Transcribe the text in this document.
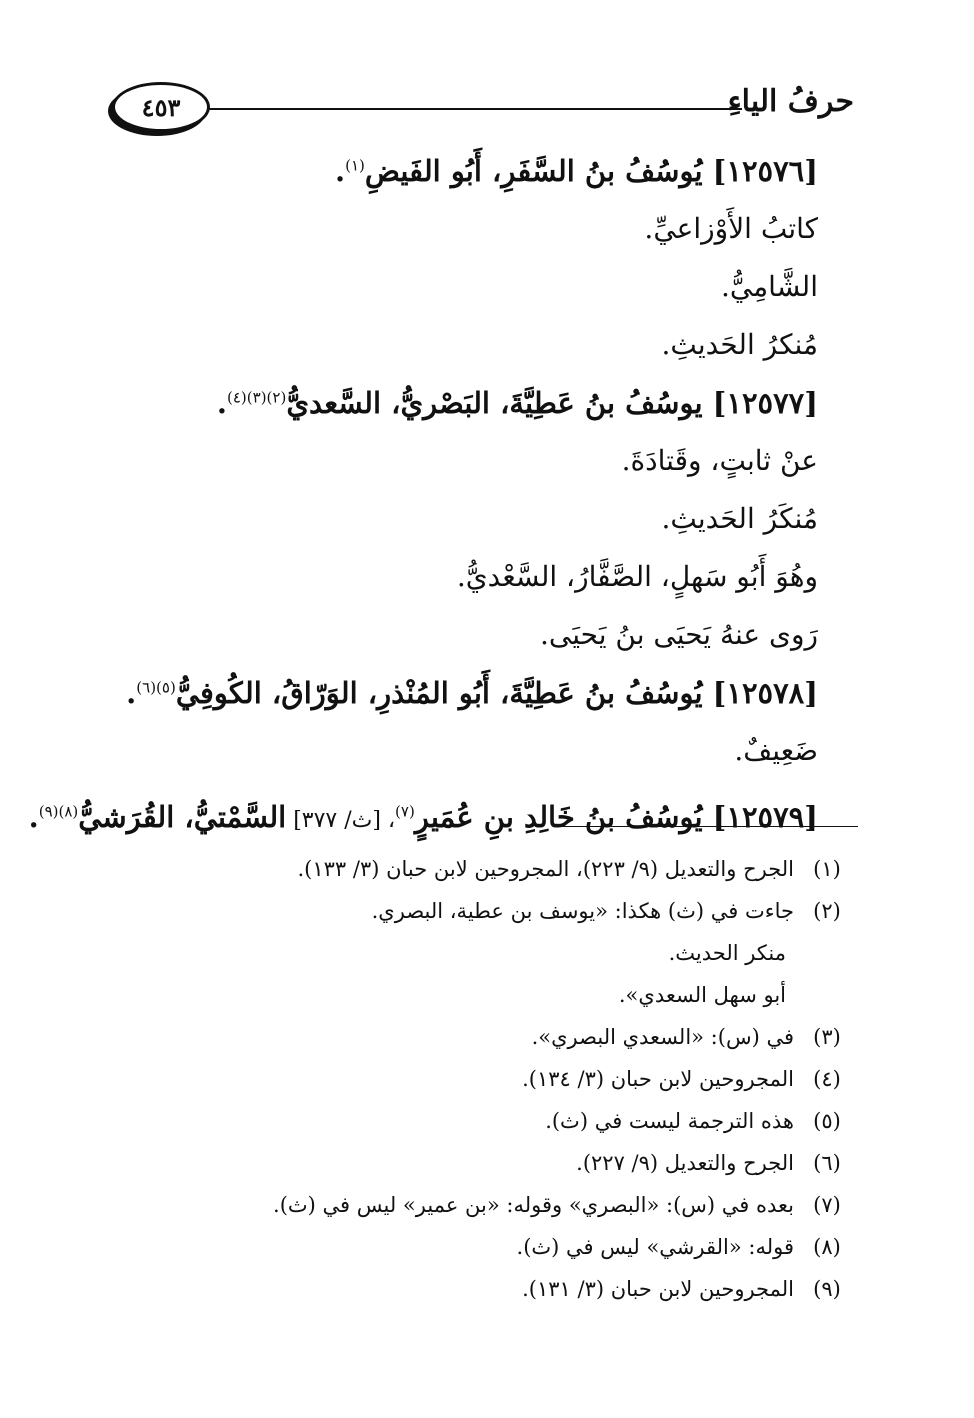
حرفُ الياءِ
٤٥٣
[١٢٥٧٦] يُوسُفُ بنُ السَّفَرِ، أَبُو الفَيضِ$^{(١)}$.
كاتبُ الأَوْزاعيِّ.
الشَّامِيُّ.
مُنكرُ الحَديثِ.
[١٢٥٧٧] يوسُفُ بنُ عَطِيَّةَ، البَصْريُّ، السَّعديُّ$^{(٢)(٣)(٤)}$.
عنْ ثابتٍ، وقَتادَةَ.
مُنكَرُ الحَديثِ.
وهُوَ أَبُو سَهلٍ، الصَّفَّارُ، السَّعْديُّ.
رَوى عنهُ يَحيَى بنُ يَحيَى.
[١٢٥٧٨] يُوسُفُ بنُ عَطِيَّةَ، أَبُو المُنْذرِ، الوَرّاقُ، الكُوفِيُّ$^{(٥)(٦)}$.
ضَعِيفٌ.
[١٢٥٧٩] يُوسُفُ بنُ خَالِدِ بنِ عُمَيرٍ$^{(٧)}$، [ث/ ٣٧٧] السَّمْتيُّ، القُرَشيُّ$^{(٨)(٩)}$.
(١)
الجرح والتعديل (٩/ ٢٢٣)، المجروحين لابن حبان (٣/ ١٣٣).
(٢)
جاءت في (ث) هكذا: «يوسف بن عطية، البصري.
منكر الحديث.
أبو سهل السعدي».
(٣)
في (س): «السعدي البصري».
(٤)
المجروحين لابن حبان (٣/ ١٣٤).
(٥)
هذه الترجمة ليست في (ث).
(٦)
الجرح والتعديل (٩/ ٢٢٧).
(٧)
بعده في (س): «البصري» وقوله: «بن عمير» ليس في (ث).
(٨)
قوله: «القرشي» ليس في (ث).
(٩)
المجروحين لابن حبان (٣/ ١٣١).
